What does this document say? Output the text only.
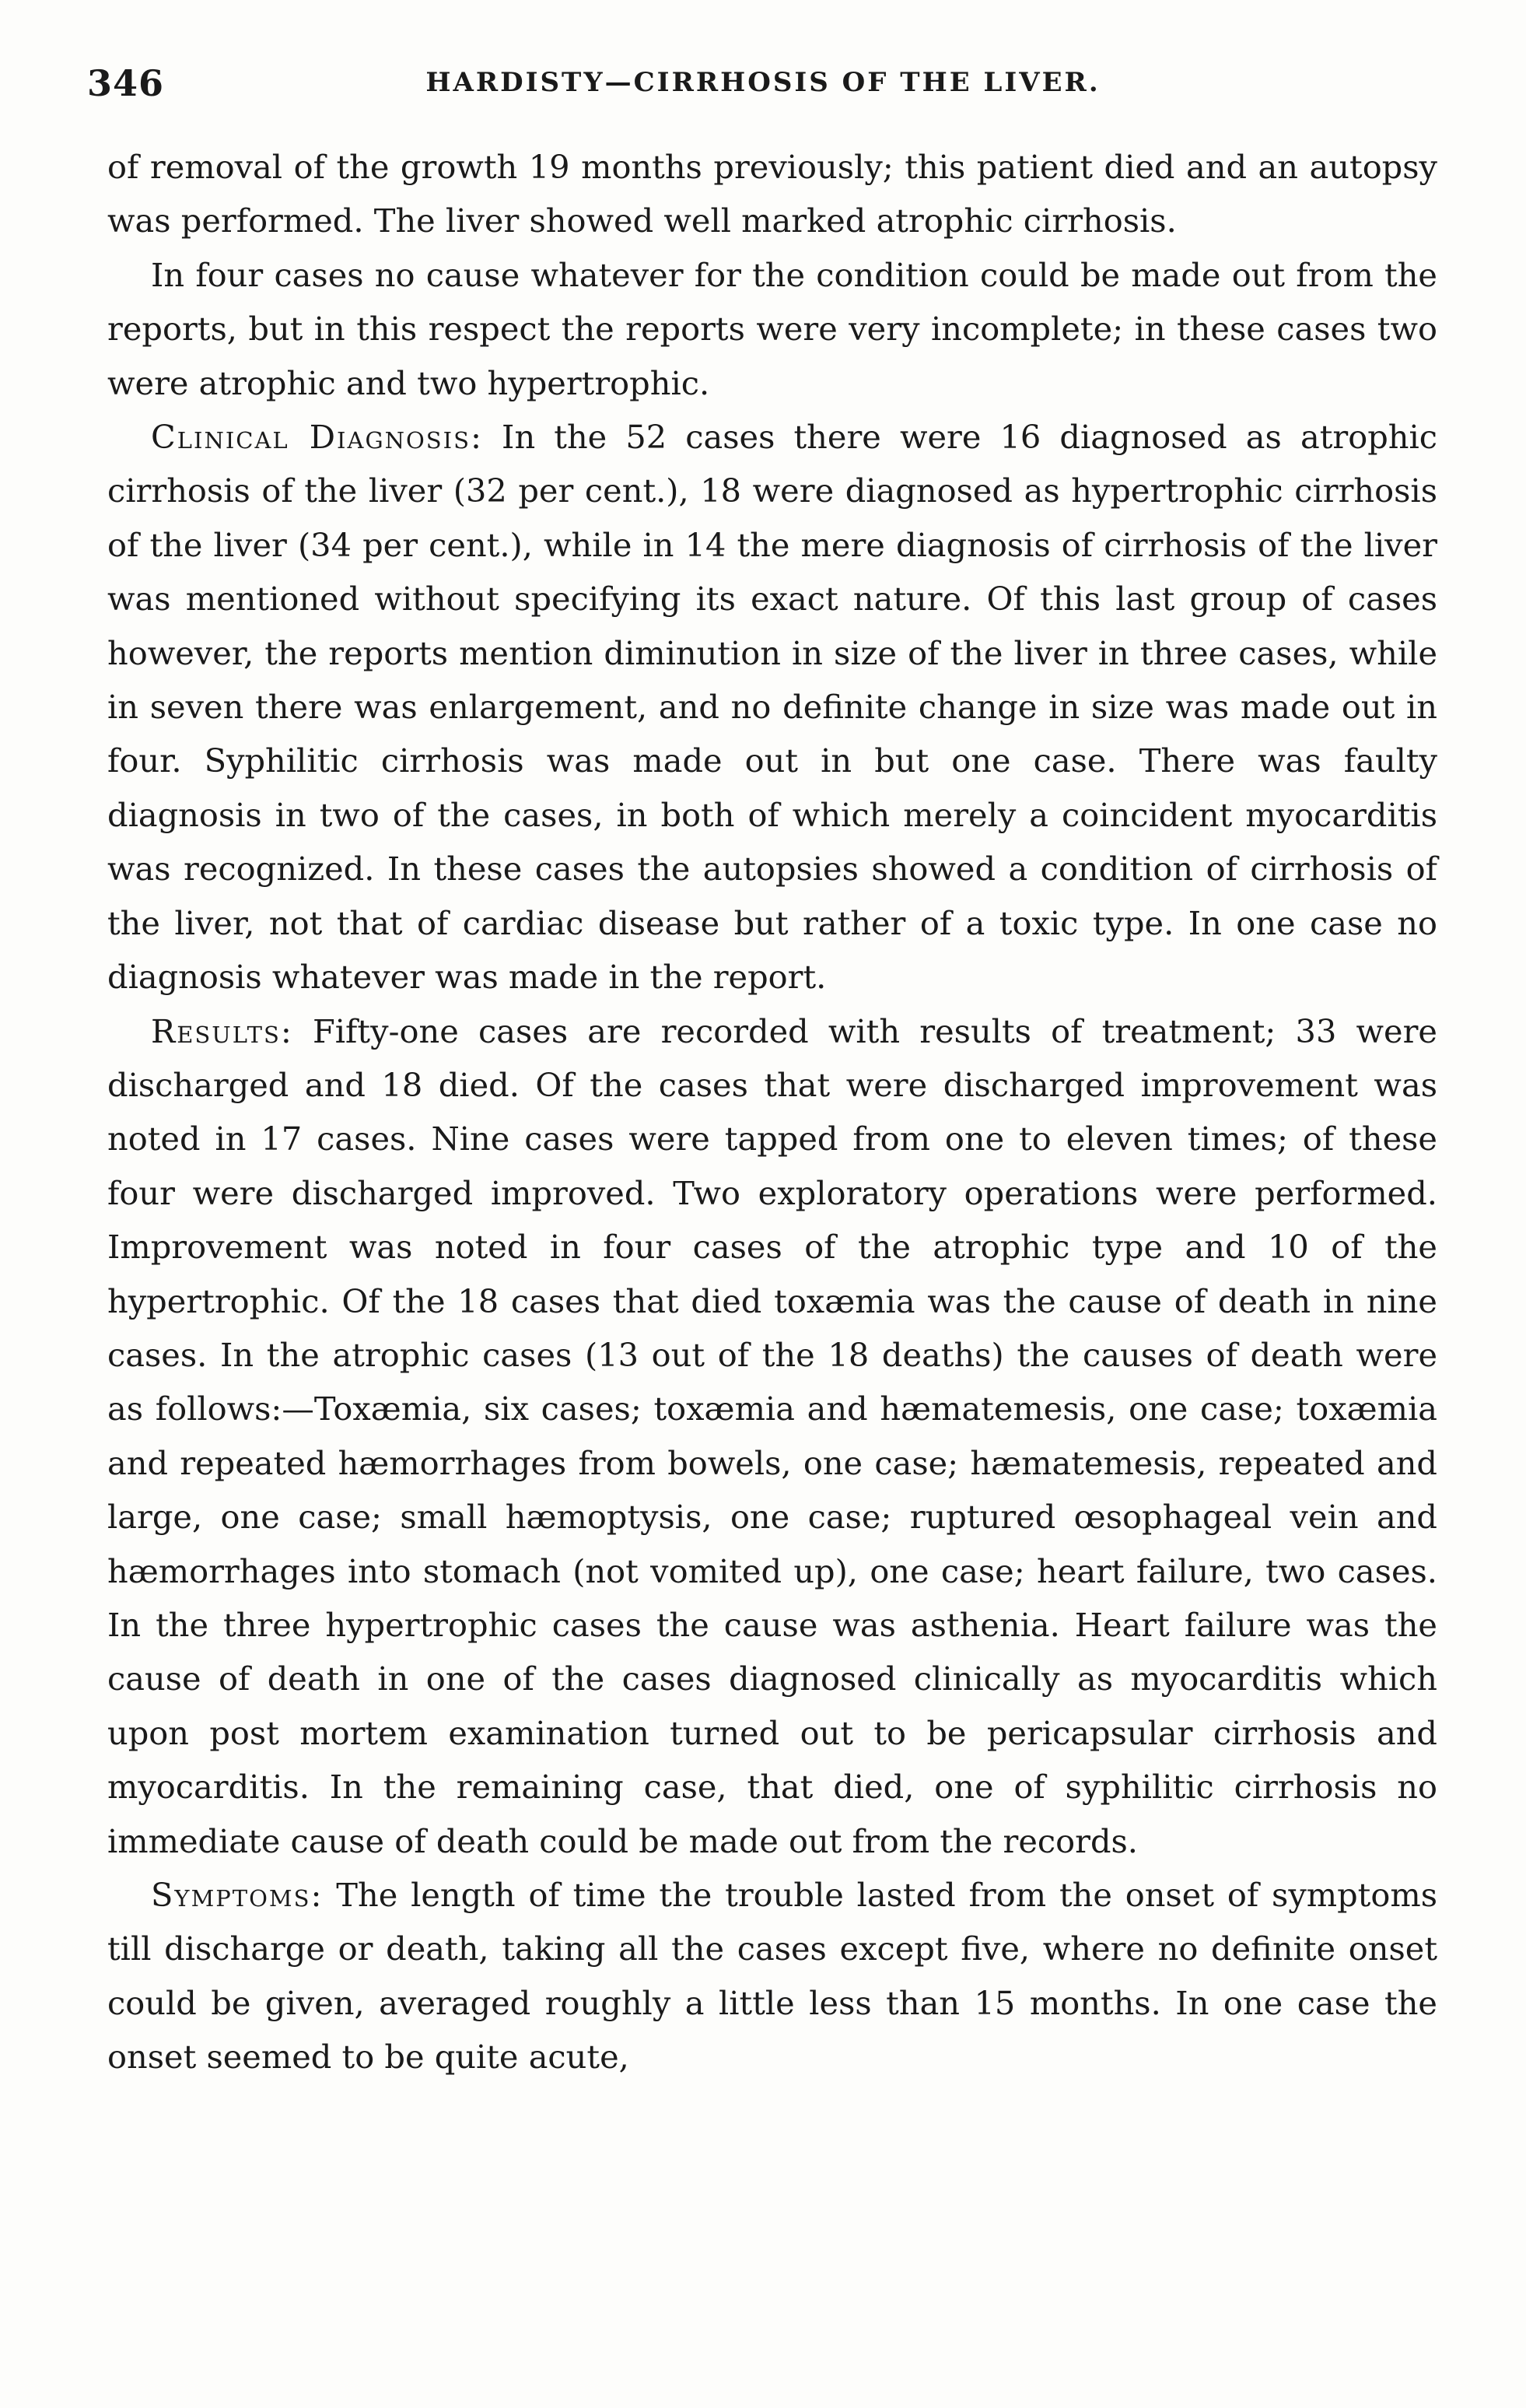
346	HARDISTY—CIRRHOSIS OF THE LIVER.

of removal of the growth 19 months previously; this patient died and an autopsy was performed. The liver showed well marked atrophic cirrhosis.

In four cases no cause whatever for the condition could be made out from the reports, but in this respect the reports were very incomplete; in these cases two were atrophic and two hypertrophic.

Clinical Diagnosis: In the 52 cases there were 16 diagnosed as atrophic cirrhosis of the liver (32 per cent.), 18 were diagnosed as hypertrophic cirrhosis of the liver (34 per cent.), while in 14 the mere diagnosis of cirrhosis of the liver was mentioned without specifying its exact nature. Of this last group of cases however, the reports mention diminution in size of the liver in three cases, while in seven there was enlargement, and no definite change in size was made out in four. Syphilitic cirrhosis was made out in but one case. There was faulty diagnosis in two of the cases, in both of which merely a coincident myocarditis was recognized. In these cases the autopsies showed a condition of cirrhosis of the liver, not that of cardiac disease but rather of a toxic type. In one case no diagnosis whatever was made in the report.

Results: Fifty-one cases are recorded with results of treatment; 33 were discharged and 18 died. Of the cases that were discharged improvement was noted in 17 cases. Nine cases were tapped from one to eleven times; of these four were discharged improved. Two exploratory operations were performed. Improvement was noted in four cases of the atrophic type and 10 of the hypertrophic. Of the 18 cases that died toxæmia was the cause of death in nine cases. In the atrophic cases (13 out of the 18 deaths) the causes of death were as follows:—Toxæmia, six cases; toxæmia and hæmatemesis, one case; toxæmia and repeated hæmorrhages from bowels, one case; hæmatemesis, repeated and large, one case; small hæmoptysis, one case; ruptured œsophageal vein and hæmorrhages into stomach (not vomited up), one case; heart failure, two cases. In the three hypertrophic cases the cause was asthenia. Heart failure was the cause of death in one of the cases diagnosed clinically as myocarditis which upon post mortem examination turned out to be pericapsular cirrhosis and myocarditis. In the remaining case, that died, one of syphilitic cirrhosis no immediate cause of death could be made out from the records.

Symptoms: The length of time the trouble lasted from the onset of symptoms till discharge or death, taking all the cases except five, where no definite onset could be given, averaged roughly a little less than 15 months. In one case the onset seemed to be quite acute,
